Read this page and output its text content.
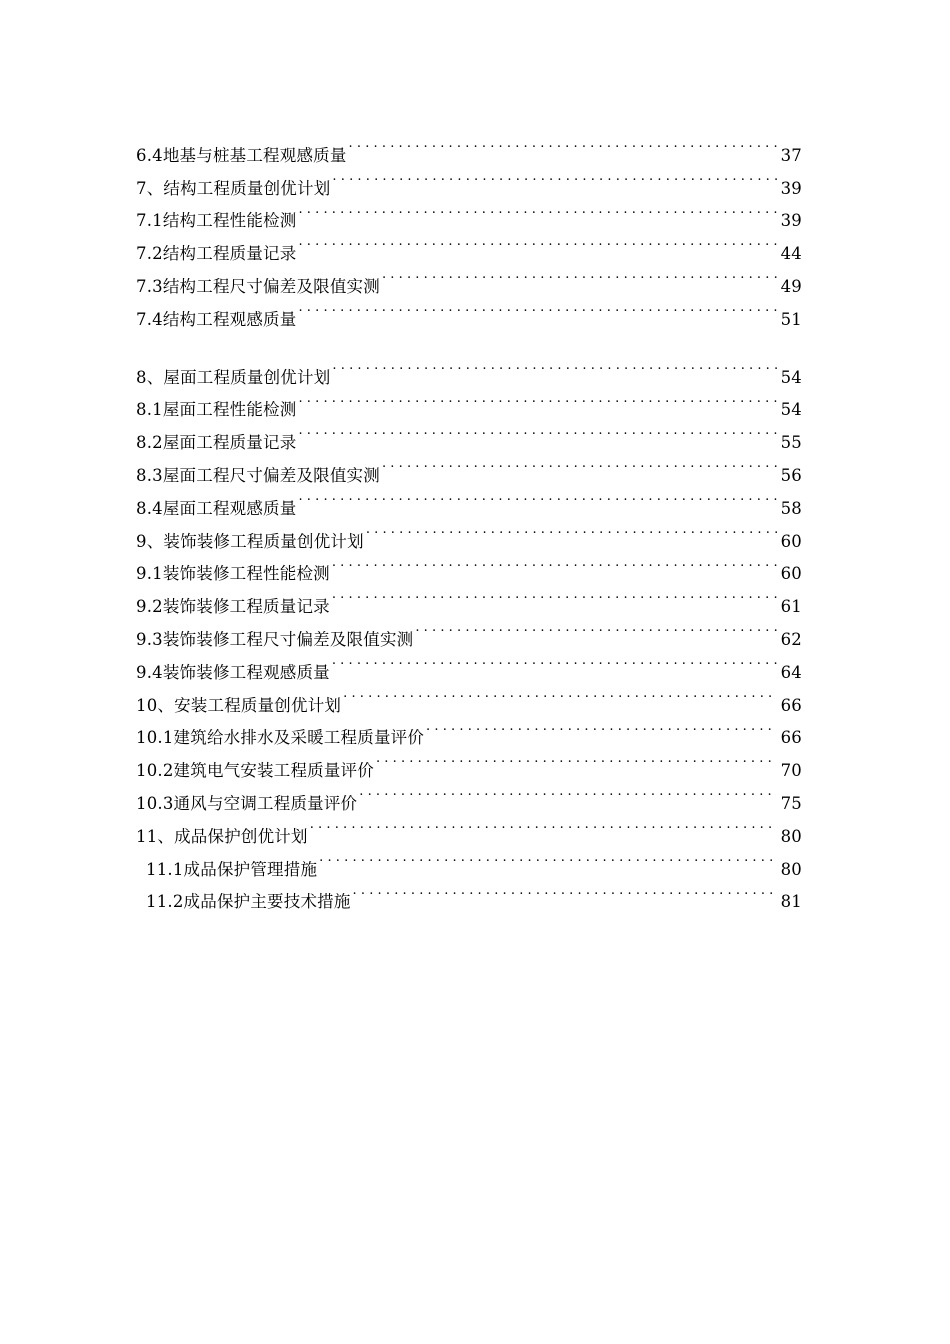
6.4地基与桩基工程观感质量 .....	37
7、结构工程质量创优计划 .....	39
7.1结构工程性能检测 .....	39
7.2结构工程质量记录 .....	44
7.3结构工程尺寸偏差及限值实测 .....	49
7.4结构工程观感质量 .....	51
8、屋面工程质量创优计划 .....	54
8.1屋面工程性能检测 .....	54
8.2屋面工程质量记录 .....	55
8.3屋面工程尺寸偏差及限值实测 .....	56
8.4屋面工程观感质量 .....	58
9、装饰装修工程质量创优计划 .....	60
9.1装饰装修工程性能检测 .....	60
9.2装饰装修工程质量记录 .....	61
9.3装饰装修工程尺寸偏差及限值实测 .....	62
9.4装饰装修工程观感质量 .....	64
10、安装工程质量创优计划 .....	66
10.1建筑给水排水及采暖工程质量评价 .....	66
10.2建筑电气安装工程质量评价 .....	70
10.3通风与空调工程质量评价 .....	75
11、成品保护创优计划 .....	80
11.1成品保护管理措施 .....	80
11.2成品保护主要技术措施 .....	81
